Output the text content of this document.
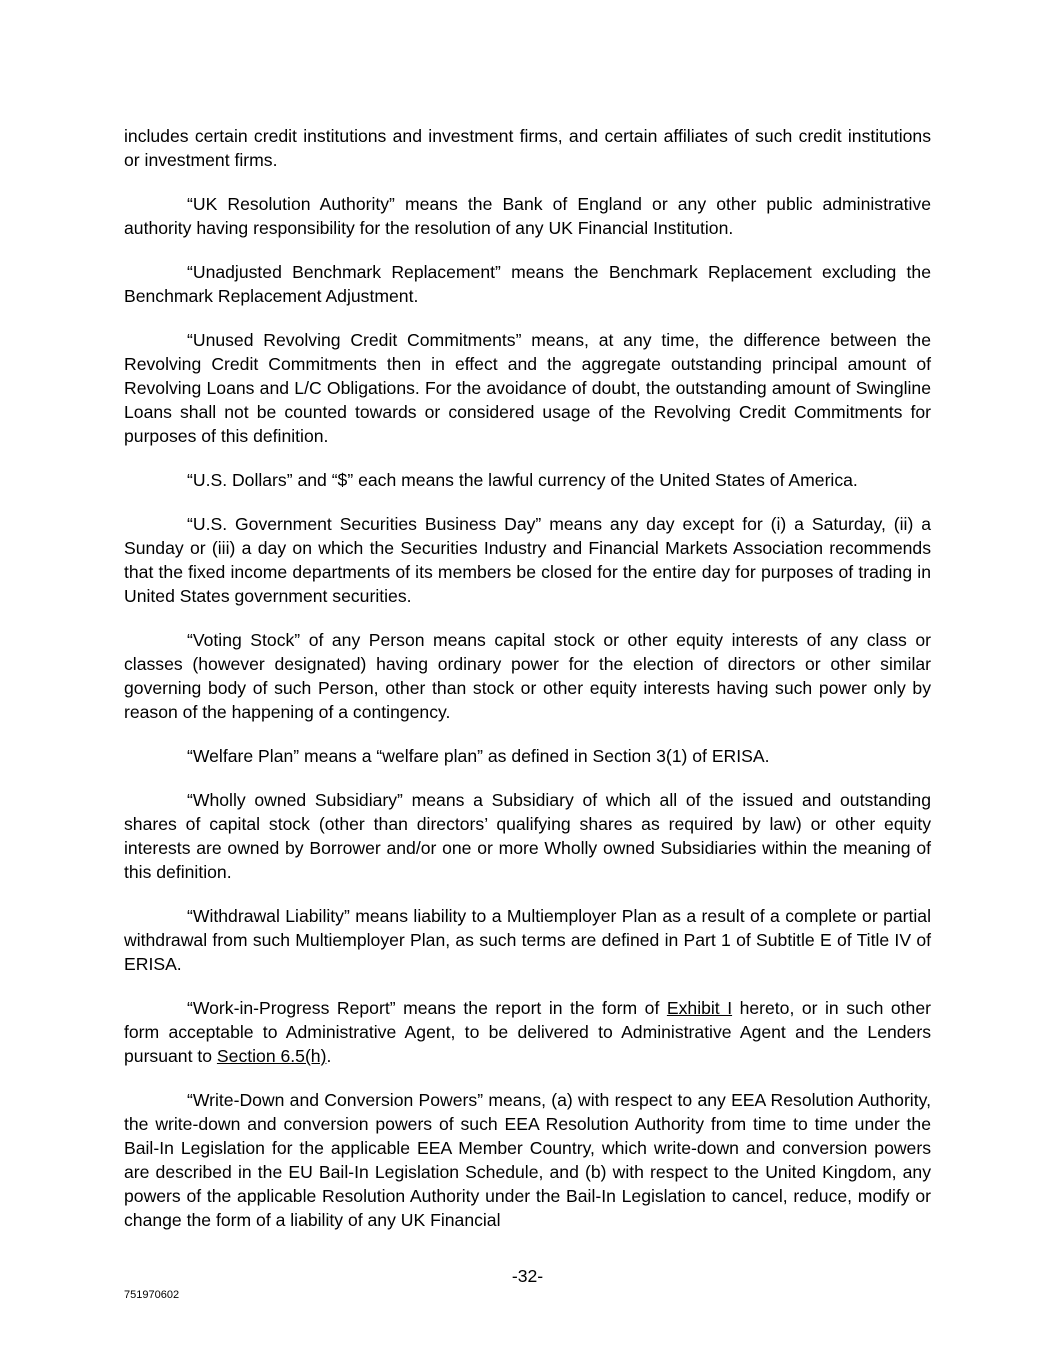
includes certain credit institutions and investment firms, and certain affiliates of such credit institutions or investment firms.

“UK Resolution Authority” means the Bank of England or any other public administrative authority having responsibility for the resolution of any UK Financial Institution.

“Unadjusted Benchmark Replacement” means the Benchmark Replacement excluding the Benchmark Replacement Adjustment.

“Unused Revolving Credit Commitments” means, at any time, the difference between the Revolving Credit Commitments then in effect and the aggregate outstanding principal amount of Revolving Loans and L/C Obligations. For the avoidance of doubt, the outstanding amount of Swingline Loans shall not be counted towards or considered usage of the Revolving Credit Commitments for purposes of this definition.

“U.S. Dollars” and “$” each means the lawful currency of the United States of America.

“U.S. Government Securities Business Day” means any day except for (i) a Saturday, (ii) a Sunday or (iii) a day on which the Securities Industry and Financial Markets Association recommends that the fixed income departments of its members be closed for the entire day for purposes of trading in United States government securities.

“Voting Stock” of any Person means capital stock or other equity interests of any class or classes (however designated) having ordinary power for the election of directors or other similar governing body of such Person, other than stock or other equity interests having such power only by reason of the happening of a contingency.

“Welfare Plan” means a “welfare plan” as defined in Section 3(1) of ERISA.

“Wholly owned Subsidiary” means a Subsidiary of which all of the issued and outstanding shares of capital stock (other than directors’ qualifying shares as required by law) or other equity interests are owned by Borrower and/or one or more Wholly owned Subsidiaries within the meaning of this definition.

“Withdrawal Liability” means liability to a Multiemployer Plan as a result of a complete or partial withdrawal from such Multiemployer Plan, as such terms are defined in Part 1 of Subtitle E of Title IV of ERISA.

“Work-in-Progress Report” means the report in the form of Exhibit I hereto, or in such other form acceptable to Administrative Agent, to be delivered to Administrative Agent and the Lenders pursuant to Section 6.5(h).

“Write-Down and Conversion Powers” means, (a) with respect to any EEA Resolution Authority, the write-down and conversion powers of such EEA Resolution Authority from time to time under the Bail-In Legislation for the applicable EEA Member Country, which write-down and conversion powers are described in the EU Bail-In Legislation Schedule, and (b) with respect to the United Kingdom, any powers of the applicable Resolution Authority under the Bail-In Legislation to cancel, reduce, modify or change the form of a liability of any UK Financial

-32-
751970602
